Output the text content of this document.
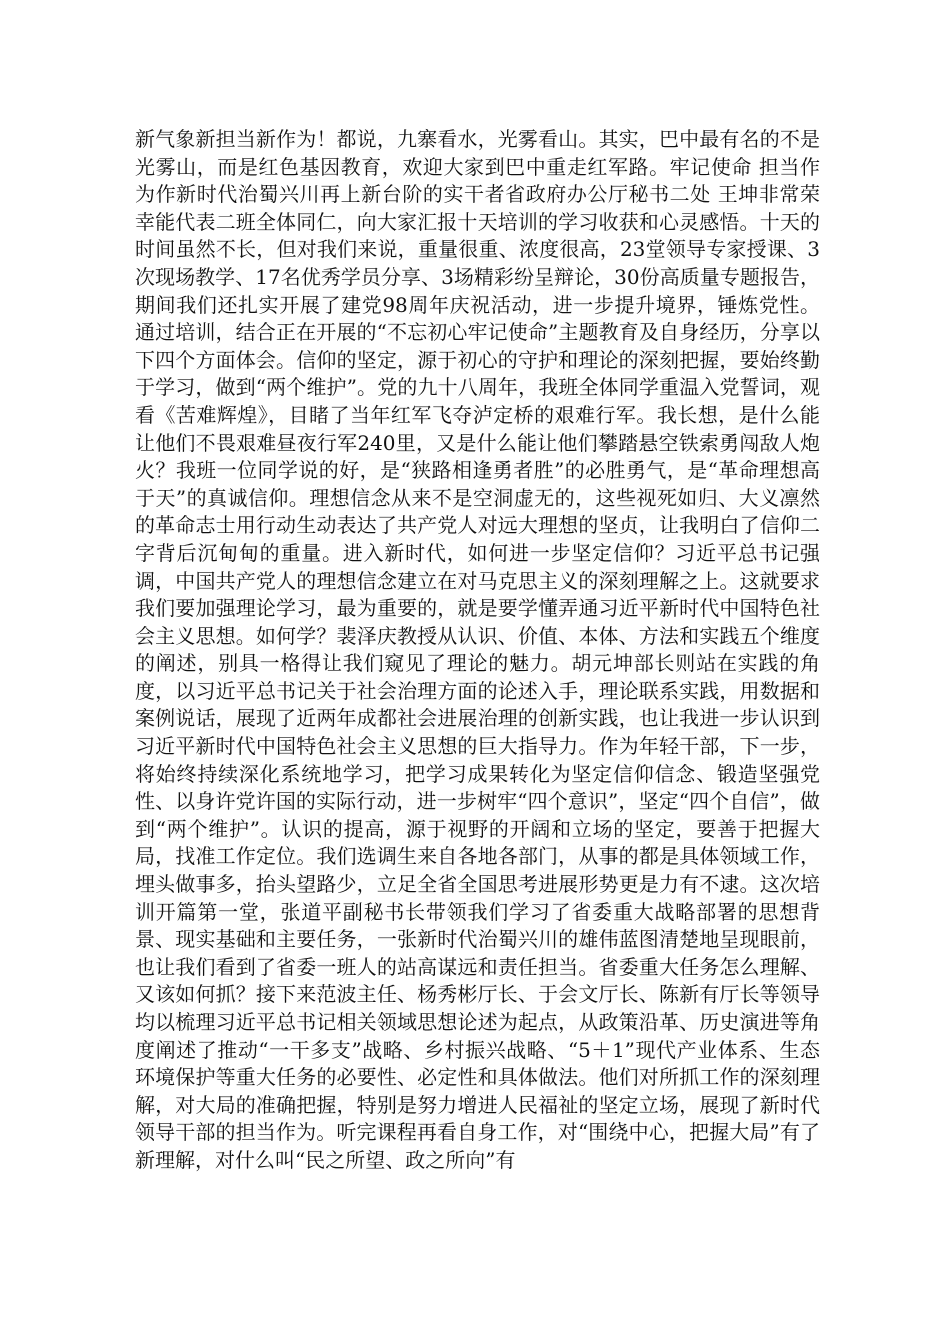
新气象新担当新作为！都说，九寨看水，光雾看山。其实，巴中最有名的不是光雾山，而是红色基因教育，欢迎大家到巴中重走红军路。牢记使命 担当作为作新时代治蜀兴川再上新台阶的实干者省政府办公厅秘书二处 王坤非常荣幸能代表二班全体同仁，向大家汇报十天培训的学习收获和心灵感悟。十天的时间虽然不长，但对我们来说，重量很重、浓度很高，23堂领导专家授课、3次现场教学、17名优秀学员分享、3场精彩纷呈辩论，30份高质量专题报告，期间我们还扎实开展了建党98周年庆祝活动，进一步提升境界，锤炼党性。通过培训，结合正在开展的“不忘初心牢记使命”主题教育及自身经历，分享以下四个方面体会。信仰的坚定，源于初心的守护和理论的深刻把握，要始终勤于学习，做到“两个维护”。党的九十八周年，我班全体同学重温入党誓词，观看《苦难辉煌》，目睹了当年红军飞夺泸定桥的艰难行军。我长想，是什么能让他们不畏艰难昼夜行军240里，又是什么能让他们攀踏悬空铁索勇闯敌人炮火？我班一位同学说的好，是“狭路相逢勇者胜”的必胜勇气，是“革命理想高于天”的真诚信仰。理想信念从来不是空洞虚无的，这些视死如归、大义凛然的革命志士用行动生动表达了共产党人对远大理想的坚贞，让我明白了信仰二字背后沉甸甸的重量。进入新时代，如何进一步坚定信仰？习近平总书记强调，中国共产党人的理想信念建立在对马克思主义的深刻理解之上。这就要求我们要加强理论学习，最为重要的，就是要学懂弄通习近平新时代中国特色社会主义思想。如何学？裴泽庆教授从认识、价值、本体、方法和实践五个维度的阐述，别具一格得让我们窥见了理论的魅力。胡元坤部长则站在实践的角度，以习近平总书记关于社会治理方面的论述入手，理论联系实践，用数据和案例说话，展现了近两年成都社会进展治理的创新实践，也让我进一步认识到习近平新时代中国特色社会主义思想的巨大指导力。作为年轻干部，下一步，将始终持续深化系统地学习，把学习成果转化为坚定信仰信念、锻造坚强党性、以身许党许国的实际行动，进一步树牢“四个意识”，坚定“四个自信”，做到“两个维护”。认识的提高，源于视野的开阔和立场的坚定，要善于把握大局，找准工作定位。我们选调生来自各地各部门，从事的都是具体领域工作，埋头做事多，抬头望路少，立足全省全国思考进展形势更是力有不逮。这次培训开篇第一堂，张道平副秘书长带领我们学习了省委重大战略部署的思想背景、现实基础和主要任务，一张新时代治蜀兴川的雄伟蓝图清楚地呈现眼前，也让我们看到了省委一班人的站高谋远和责任担当。省委重大任务怎么理解、又该如何抓？接下来范波主任、杨秀彬厅长、于会文厅长、陈新有厅长等领导均以梳理习近平总书记相关领域思想论述为起点，从政策沿革、历史演进等角度阐述了推动“一干多支”战略、乡村振兴战略、“5＋1”现代产业体系、生态环境保护等重大任务的必要性、必定性和具体做法。他们对所抓工作的深刻理解，对大局的准确把握，特别是努力增进人民福祉的坚定立场，展现了新时代领导干部的担当作为。听完课程再看自身工作，对“围绕中心，把握大局”有了新理解，对什么叫“民之所望、政之所向”有
